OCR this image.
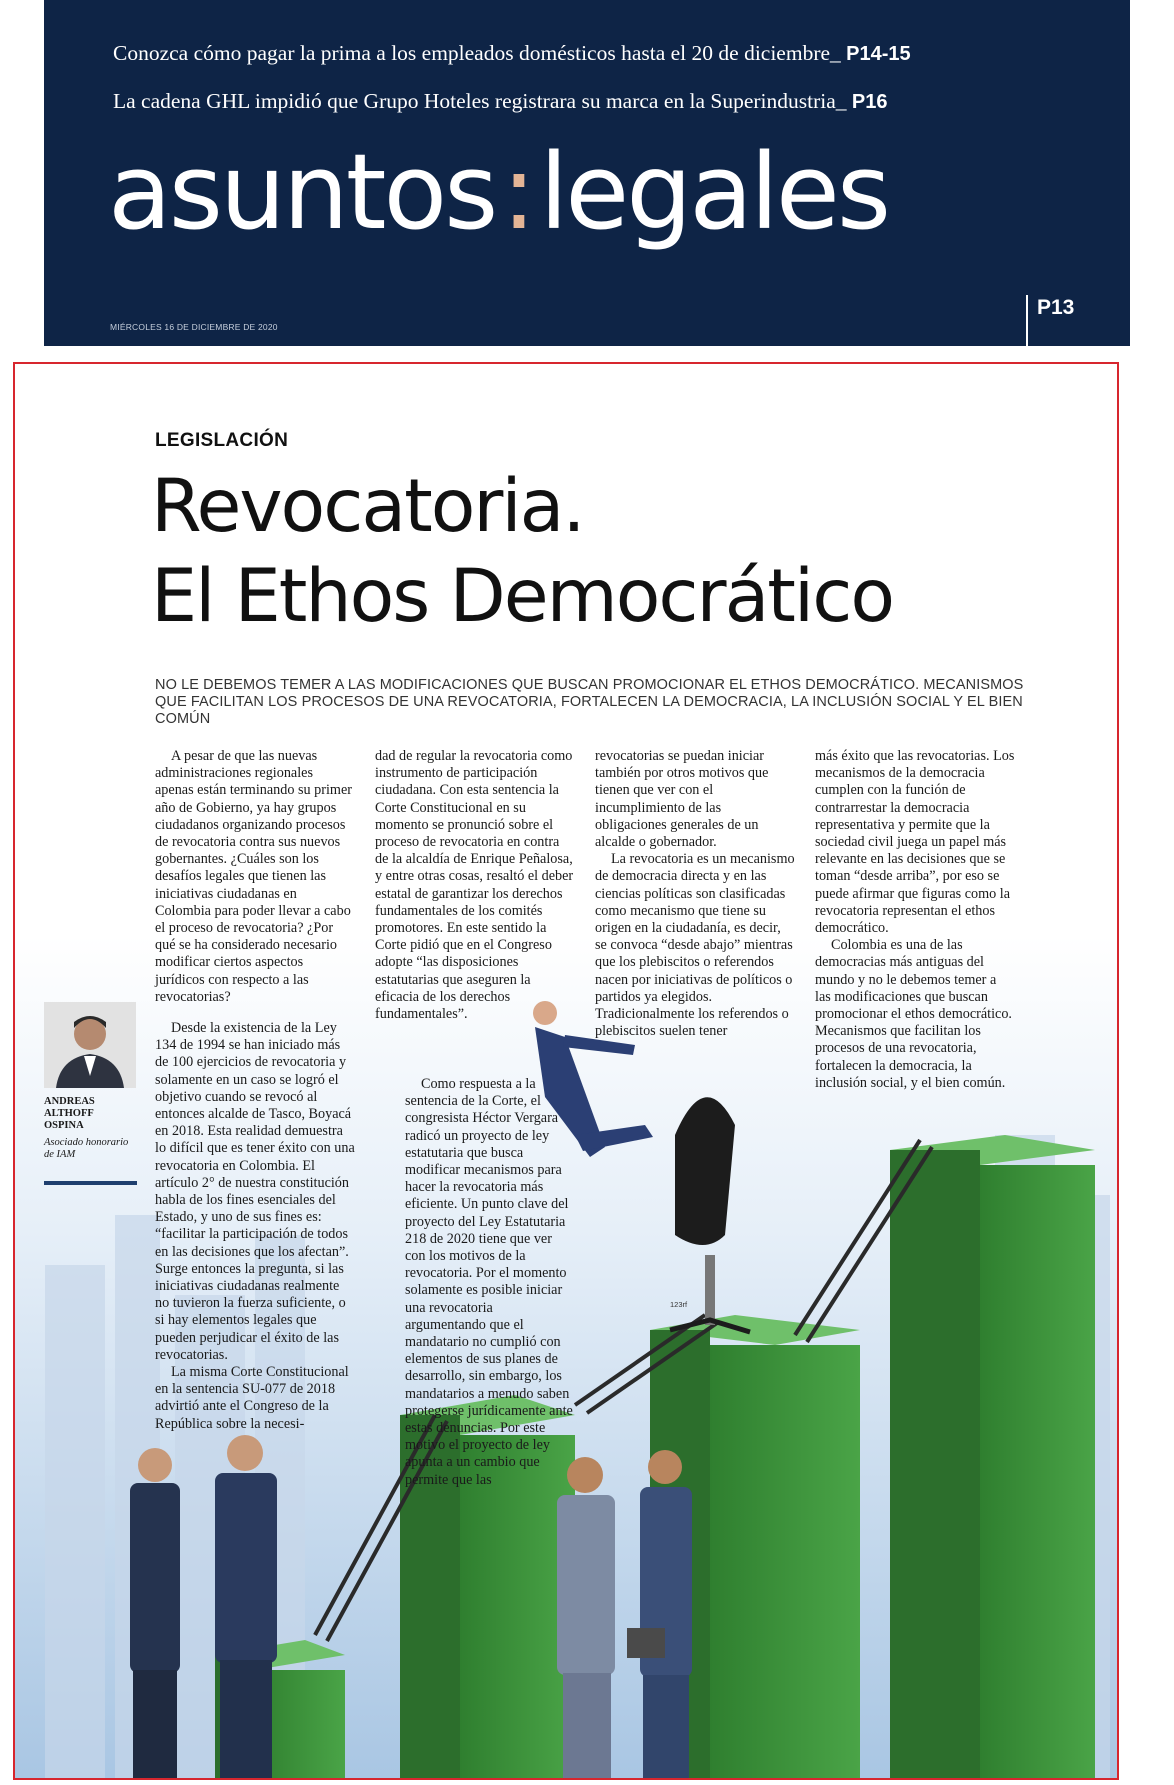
Conozca cómo pagar la prima a los empleados domésticos hasta el 20 de diciembre_ P14-15
La cadena GHL impidió que Grupo Hoteles registrara su marca en la Superindustria_ P16
asuntos:legales
MIÉRCOLES 16 DE DICIEMBRE DE 2020
P13
LEGISLACIÓN
Revocatoria.
El Ethos Democrático
NO LE DEBEMOS TEMER A LAS MODIFICACIONES QUE BUSCAN PROMOCIONAR EL ETHOS DEMOCRÁTICO. MECANISMOS QUE FACILITAN LOS PROCESOS DE UNA REVOCATORIA, FORTALECEN LA DEMOCRACIA, LA INCLUSIÓN SOCIAL Y EL BIEN COMÚN
ANDREAS ALTHOFF OSPINA
Asociado honorario de IAM

A pesar de que las nuevas administraciones regionales apenas están terminando su primer año de Gobierno, ya hay grupos ciudadanos organizando procesos de revocatoria contra sus nuevos gobernantes. ¿Cuáles son los desafíos legales que tienen las iniciativas ciudadanas en Colombia para poder llevar a cabo el proceso de revocatoria? ¿Por qué se ha considerado necesario modificar ciertos aspectos jurídicos con respecto a las revocatorias?

Desde la existencia de la Ley 134 de 1994 se han iniciado más de 100 ejercicios de revocatoria y solamente en un caso se logró el objetivo cuando se revocó al entonces alcalde de Tasco, Boyacá en 2018. Esta realidad demuestra lo difícil que es tener éxito con una revocatoria en Colombia. El artículo 2° de nuestra constitución habla de los fines esenciales del Estado, y uno de sus fines es: “facilitar la participación de todos en las decisiones que los afectan”. Surge entonces la pregunta, si las iniciativas ciudadanas realmente no tuvieron la fuerza suficiente, o si hay elementos legales que pueden perjudicar el éxito de las revocatorias.

La misma Corte Constitucional en la sentencia SU-077 de 2018 advirtió ante el Congreso de la República sobre la necesi-

dad de regular la revocatoria como instrumento de participación ciudadana. Con esta sentencia la Corte Constitucional en su momento se pronunció sobre el proceso de revocatoria en contra de la alcaldía de Enrique Peñalosa, y entre otras cosas, resaltó el deber estatal de garantizar los derechos fundamentales de los comités promotores. En este sentido la Corte pidió que en el Congreso adopte “las disposiciones estatutarias que aseguren la eficacia de los derechos fundamentales”.

Como respuesta a la sentencia de la Corte, el congresista Héctor Vergara radicó un proyecto de ley estatutaria que busca modificar mecanismos para hacer la revocatoria más eficiente. Un punto clave del proyecto del Ley Estatutaria 218 de 2020 tiene que ver con los motivos de la revocatoria. Por el momento solamente es posible iniciar una revocatoria argumentando que el mandatario no cumplió con elementos de sus planes de desarrollo, sin embargo, los mandatarios a menudo saben protegerse jurídicamente ante estas denuncias. Por este motivo el proyecto de ley apunta a un cambio que permite que las

revocatorias se puedan iniciar también por otros motivos que tienen que ver con el incumplimiento de las obligaciones generales de un alcalde o gobernador.

La revocatoria es un mecanismo de democracia directa y en las ciencias políticas son clasificadas como mecanismo que tiene su origen en la ciudadanía, es decir, se convoca “desde abajo” mientras que los plebiscitos o referendos nacen por iniciativas de políticos o partidos ya elegidos. Tradicionalmente los referendos o plebiscitos suelen tener

más éxito que las revocatorias. Los mecanismos de la democracia cumplen con la función de contrarrestar la democracia representativa y permite que la sociedad civil juega un papel más relevante en las decisiones que se toman “desde arriba”, por eso se puede afirmar que figuras como la revocatoria representan el ethos democrático.

Colombia es una de las democracias más antiguas del mundo y no le debemos temer a las modificaciones que buscan promocionar el ethos democrático. Mecanismos que facilitan los procesos de una revocatoria, fortalecen la democracia, la inclusión social, y el bien común.

123rf
